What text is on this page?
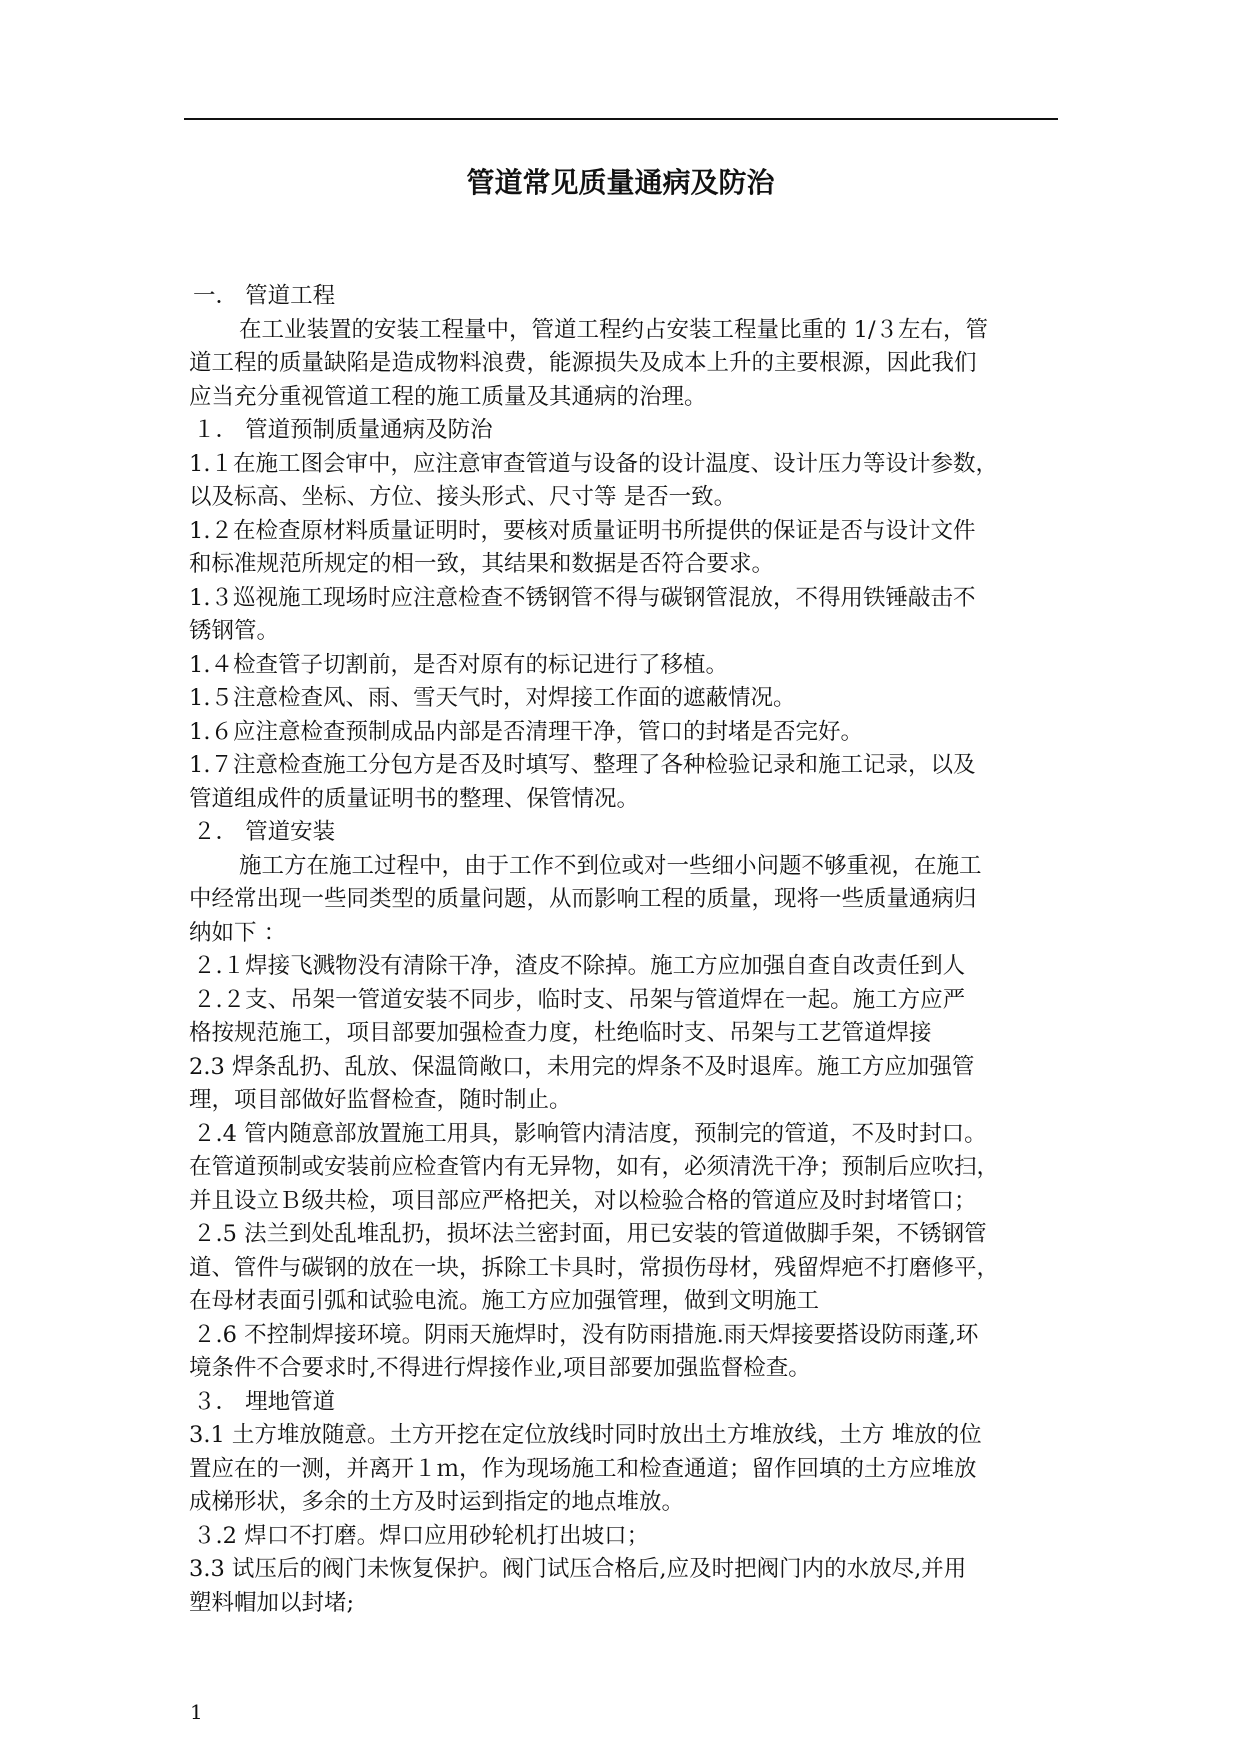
管道常见质量通病及防治
一． 管道工程
在工业装置的安装工程量中，管道工程约占安装工程量比重的 1/３左右，管
道工程的质量缺陷是造成物料浪费，能源损失及成本上升的主要根源，因此我们
应当充分重视管道工程的施工质量及其通病的治理。
１． 管道预制质量通病及防治
1.１在施工图会审中，应注意审查管道与设备的设计温度、设计压力等设计参数，
以及标高、坐标、方位、接头形式、尺寸等 是否一致。
1.２在检查原材料质量证明时，要核对质量证明书所提供的保证是否与设计文件
和标准规范所规定的相一致，其结果和数据是否符合要求。
1.３巡视施工现场时应注意检查不锈钢管不得与碳钢管混放，不得用铁锤敲击不
锈钢管。
1.４检查管子切割前，是否对原有的标记进行了移植。
1.５注意检查风、雨、雪天气时，对焊接工作面的遮蔽情况。
1.６应注意检查预制成品内部是否清理干净，管口的封堵是否完好。
1.７注意检查施工分包方是否及时填写、整理了各种检验记录和施工记录，以及
管道组成件的质量证明书的整理、保管情况。
２． 管道安装
施工方在施工过程中，由于工作不到位或对一些细小问题不够重视，在施工
中经常出现一些同类型的质量问题，从而影响工程的质量，现将一些质量通病归
纳如下 ：
２.１焊接飞溅物没有清除干净，渣皮不除掉。施工方应加强自查自改责任到人
２.２支、吊架一管道安装不同步，临时支、吊架与管道焊在一起。施工方应严
格按规范施工，项目部要加强检查力度，杜绝临时支、吊架与工艺管道焊接
2.3 焊条乱扔、乱放、保温筒敞口，未用完的焊条不及时退库。施工方应加强管
理，项目部做好监督检查，随时制止。
２.4 管内随意部放置施工用具，影响管内清洁度，预制完的管道，不及时封口。
在管道预制或安装前应检查管内有无异物，如有，必须清洗干净；预制后应吹扫，
并且设立Ｂ级共检，项目部应严格把关，对以检验合格的管道应及时封堵管口；
２.5 法兰到处乱堆乱扔，损坏法兰密封面，用已安装的管道做脚手架，不锈钢管
道、管件与碳钢的放在一块，拆除工卡具时，常损伤母材，残留焊疤不打磨修平，
在母材表面引弧和试验电流。施工方应加强管理，做到文明施工
２.6 不控制焊接环境。阴雨天施焊时，没有防雨措施.雨天焊接要搭设防雨蓬,环
境条件不合要求时,不得进行焊接作业,项目部要加强监督检查。
３． 埋地管道
3.1 土方堆放随意。土方开挖在定位放线时同时放出土方堆放线，土方 堆放的位
置应在的一测，并离开１ｍ，作为现场施工和检查通道；留作回填的土方应堆放
成梯形状，多余的土方及时运到指定的地点堆放。
３.2 焊口不打磨。焊口应用砂轮机打出坡口；
3.3 试压后的阀门未恢复保护。阀门试压合格后,应及时把阀门内的水放尽,并用
塑料帽加以封堵;
1
